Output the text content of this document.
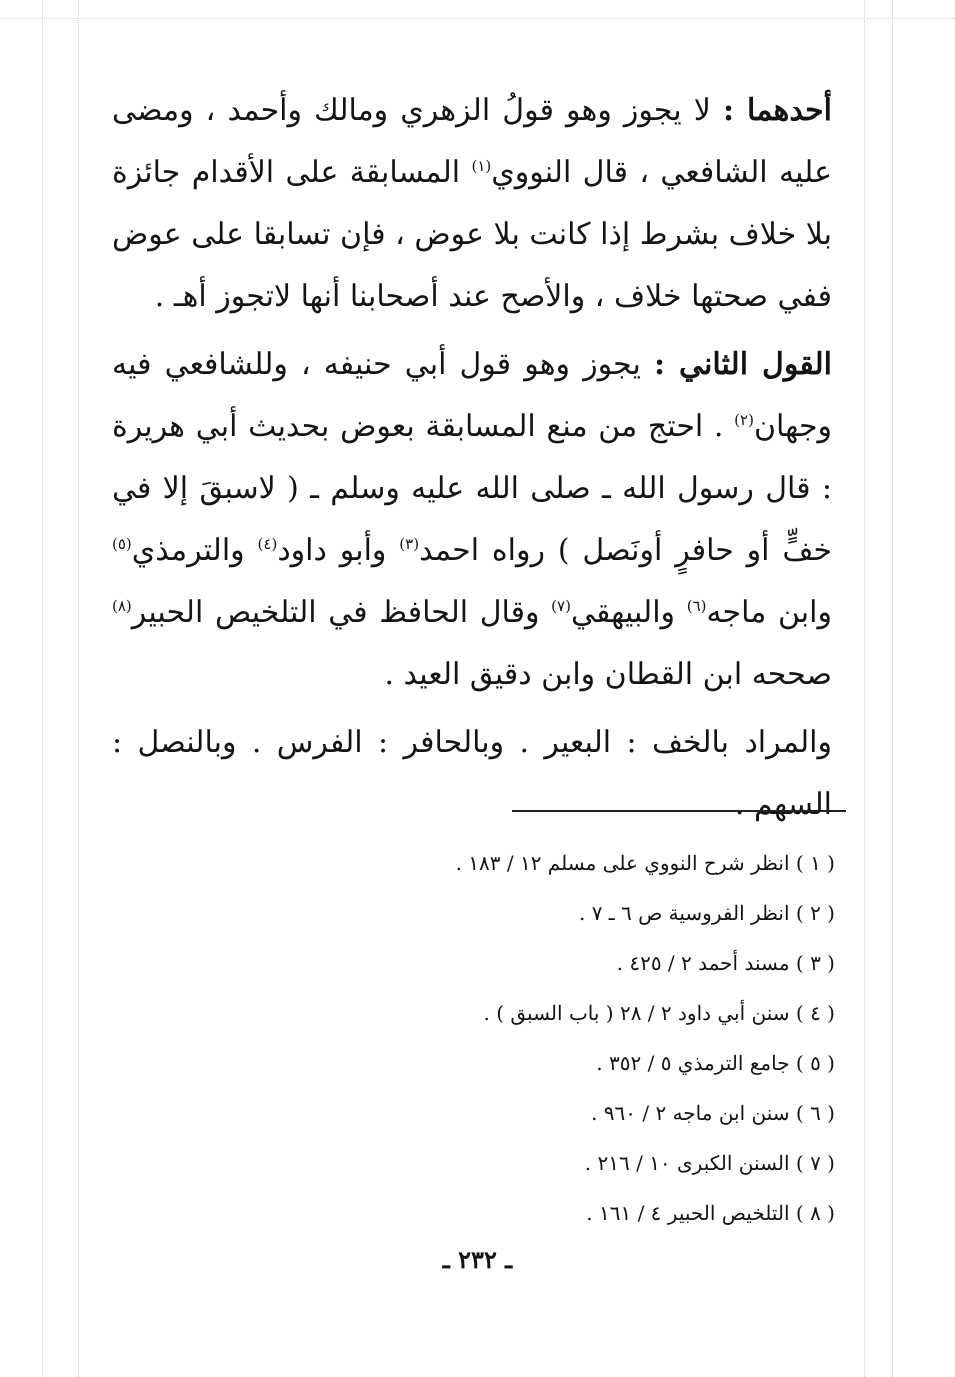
أحدهما : لا يجوز وهو قولُ الزهري ومالك وأحمد ، ومضى عليه الشافعي ، قال النووي$^{(١)}$ المسابقة على الأقدام جائزة بلا خلاف بشرط إذا كانت بلا عوض ، فإن تسابقا على عوض ففي صحتها خلاف ، والأصح عند أصحابنا أنها لاتجوز أهـ .

القول الثاني : يجوز وهو قول أبي حنيفه ، وللشافعي فيه وجهان$^{(٢)}$ . احتج من منع المسابقة بعوض بحديث أبي هريرة : قال رسول الله ـ صلى الله عليه وسلم ـ ( لاسبقَ إلا في خفٍّ أو حافرٍ أونَصل ) رواه احمد$^{(٣)}$ وأبو داود$^{(٤)}$ والترمذي$^{(٥)}$ وابن ماجه$^{(٦)}$ والبيهقي$^{(٧)}$ وقال الحافظ في التلخيص الحبير$^{(٨)}$ صححه ابن القطان وابن دقيق العيد .

والمراد بالخف : البعير . وبالحافر : الفرس . وبالنصل : السهم .

( ١ ) انظر شرح النووي على مسلم ١٢ / ١٨٣ .
( ٢ ) انظر الفروسية ص ٦ ـ ٧ .
( ٣ ) مسند أحمد ٢ / ٤٢٥ .
( ٤ ) سنن أبي داود ٢ / ٢٨ ( باب السبق ) .
( ٥ ) جامع الترمذي ٥ / ٣٥٢ .
( ٦ ) سنن ابن ماجه ٢ / ٩٦٠ .
( ٧ ) السنن الكبرى ١٠ / ٢١٦ .
( ٨ ) التلخيص الحبير ٤ / ١٦١ .
ـ ٢٣٢ ـ
